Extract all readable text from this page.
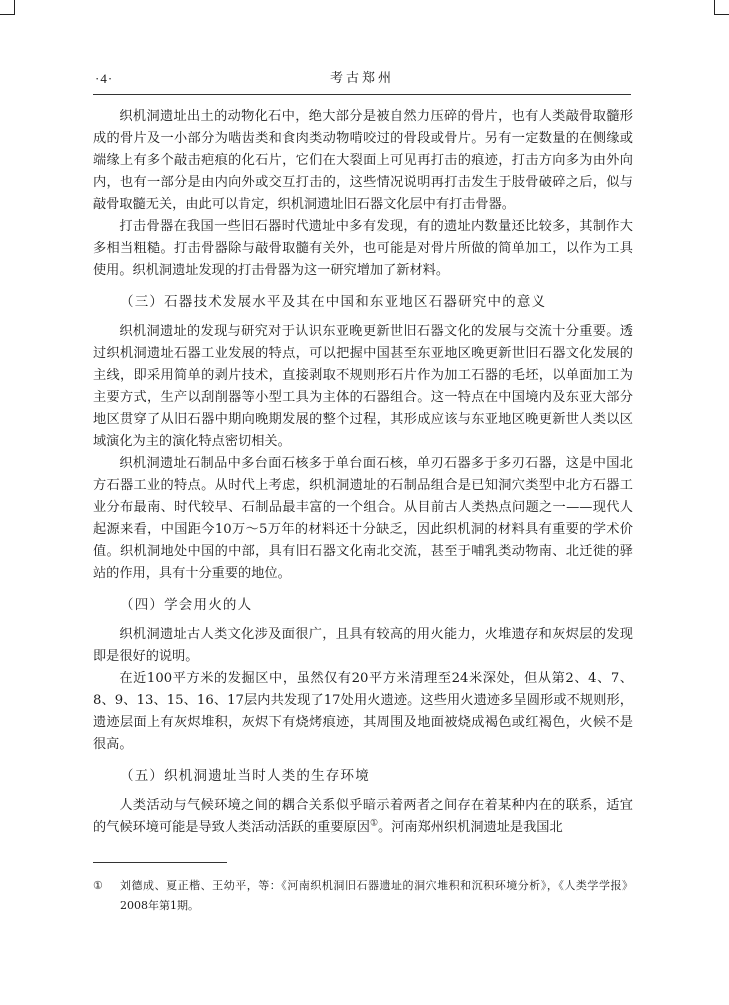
·4·	考古郑州

织机洞遗址出土的动物化石中，绝大部分是被自然力压碎的骨片，也有人类敲骨取髓形成的骨片及一小部分为啮齿类和食肉类动物啃咬过的骨段或骨片。另有一定数量的在侧缘或端缘上有多个敲击疤痕的化石片，它们在大裂面上可见再打击的痕迹，打击方向多为由外向内，也有一部分是由内向外或交互打击的，这些情况说明再打击发生于肢骨破碎之后，似与敲骨取髓无关，由此可以肯定，织机洞遗址旧石器文化层中有打击骨器。

打击骨器在我国一些旧石器时代遗址中多有发现，有的遗址内数量还比较多，其制作大多相当粗糙。打击骨器除与敲骨取髓有关外，也可能是对骨片所做的简单加工，以作为工具使用。织机洞遗址发现的打击骨器为这一研究增加了新材料。

（三）石器技术发展水平及其在中国和东亚地区石器研究中的意义

织机洞遗址的发现与研究对于认识东亚晚更新世旧石器文化的发展与交流十分重要。透过织机洞遗址石器工业发展的特点，可以把握中国甚至东亚地区晚更新世旧石器文化发展的主线，即采用简单的剥片技术，直接剥取不规则形石片作为加工石器的毛坯，以单面加工为主要方式，生产以刮削器等小型工具为主体的石器组合。这一特点在中国境内及东亚大部分地区贯穿了从旧石器中期向晚期发展的整个过程，其形成应该与东亚地区晚更新世人类以区域演化为主的演化特点密切相关。

织机洞遗址石制品中多台面石核多于单台面石核，单刃石器多于多刃石器，这是中国北方石器工业的特点。从时代上考虑，织机洞遗址的石制品组合是已知洞穴类型中北方石器工业分布最南、时代较早、石制品最丰富的一个组合。从目前古人类热点问题之一——现代人起源来看，中国距今10万～5万年的材料还十分缺乏，因此织机洞的材料具有重要的学术价值。织机洞地处中国的中部，具有旧石器文化南北交流，甚至于哺乳类动物南、北迁徙的驿站的作用，具有十分重要的地位。

（四）学会用火的人

织机洞遗址古人类文化涉及面很广，且具有较高的用火能力，火堆遗存和灰烬层的发现即是很好的说明。

在近100平方米的发掘区中，虽然仅有20平方米清理至24米深处，但从第2、4、7、8、9、13、15、16、17层内共发现了17处用火遗迹。这些用火遗迹多呈圆形或不规则形，遗迹层面上有灰烬堆积，灰烬下有烧烤痕迹，其周围及地面被烧成褐色或红褐色，火候不是很高。

（五）织机洞遗址当时人类的生存环境

人类活动与气候环境之间的耦合关系似乎暗示着两者之间存在着某种内在的联系，适宜的气候环境可能是导致人类活动活跃的重要原因①。河南郑州织机洞遗址是我国北

① 刘德成、夏正楷、王幼平，等：《河南织机洞旧石器遗址的洞穴堆积和沉积环境分析》，《人类学学报》2008年第1期。
